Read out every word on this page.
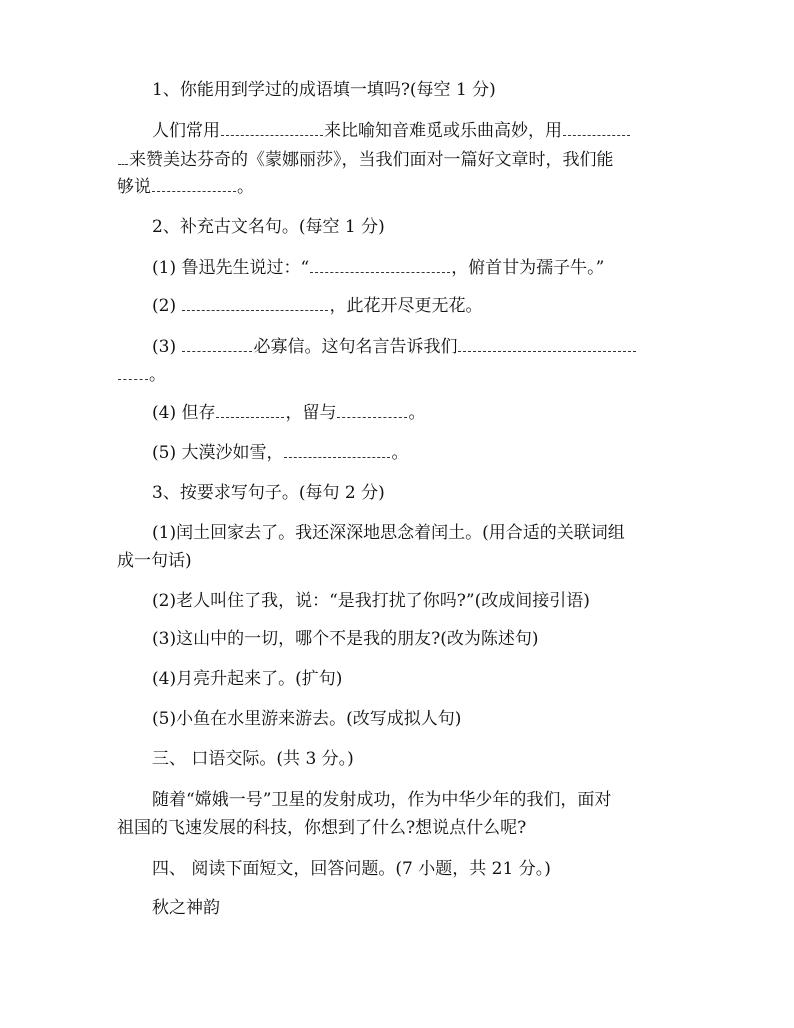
1、你能用到学过的成语填一填吗?(每空 1 分)
人们常用	来比喻知音难觅或乐曲高妙，用
来赞美达芬奇的《蒙娜丽莎》，当我们面对一篇好文章时，我们能
够说	。
2、补充古文名句。(每空 1 分)
(1) 鲁迅先生说过：“	，俯首甘为孺子牛。”
(2)	，此花开尽更无花。
(3)	必寡信。这句名言告诉我们
。
(4) 但存	，留与	。
(5) 大漠沙如雪，	。
3、按要求写句子。(每句 2 分)
(1)闰土回家去了。我还深深地思念着闰土。(用合适的关联词组
成一句话)
(2)老人叫住了我，说：“是我打扰了你吗?”(改成间接引语)
(3)这山中的一切，哪个不是我的朋友?(改为陈述句)
(4)月亮升起来了。(扩句)
(5)小鱼在水里游来游去。(改写成拟人句)
三、 口语交际。(共 3 分。)
随着“嫦娥一号”卫星的发射成功，作为中华少年的我们，面对
祖国的飞速发展的科技，你想到了什么?想说点什么呢?
四、 阅读下面短文，回答问题。(7 小题，共 21 分。)
秋之神韵
